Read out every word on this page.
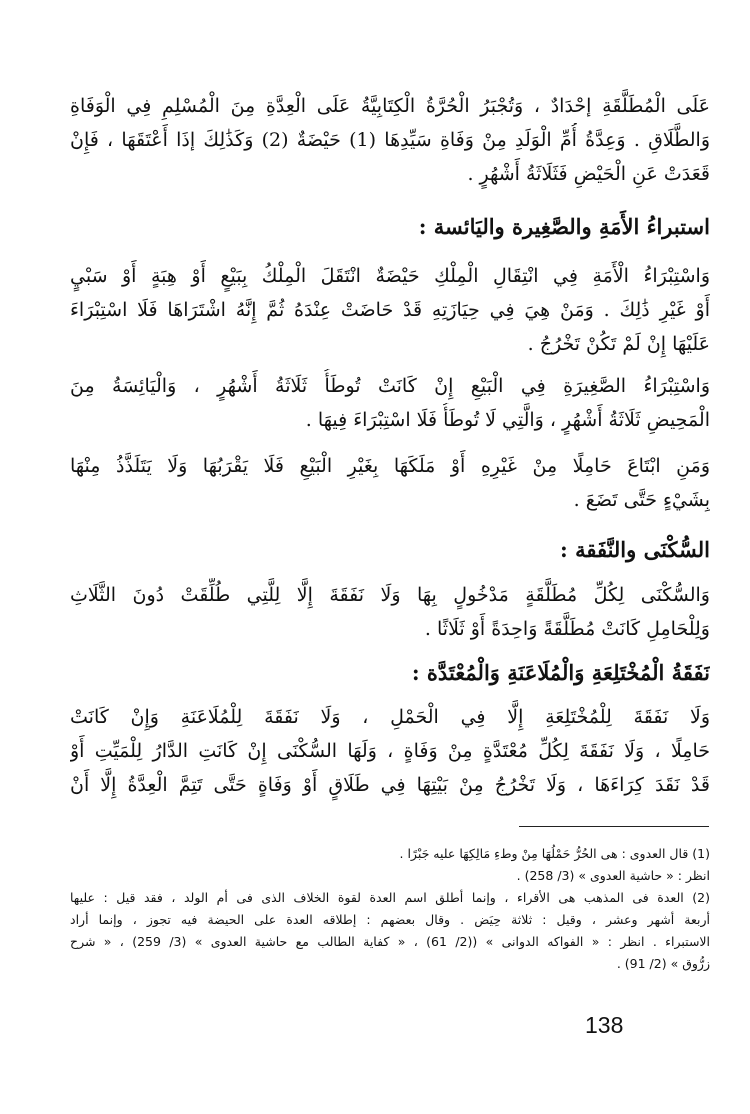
عَلَى الْمُطَلَّقَةِ إحْدَادٌ ، وَتُجْبَرُ الْحُرَّةُ الْكِتَابِيَّةُ عَلَى الْعِدَّةِ مِنَ الْمُسْلِمِ فِي الْوَفَاةِ
وَالطَّلَاقِ . وَعِدَّةُ أُمِّ الْوَلَدِ مِنْ وَفَاةِ سَيِّدِهَا (1) حَيْضَةٌ (2) وَكَذَٰلِكَ إذَا أَعْتَقَهَا ، فَإِنْ
قَعَدَتْ عَنِ الْحَيْضِ فَثَلَاثَةُ أَشْهُرٍ .
استبراءُ الأَمَةِ والصَّغِيرة واليَائسة :
وَاسْتِبْرَاءُ الْأَمَةِ فِي انْتِقَالِ الْمِلْكِ حَيْضَةٌ انْتَقَلَ الْمِلْكُ بِبَيْعٍ أَوْ هِبَةٍ أَوْ سَبْيٍ
أَوْ غَيْرِ ذَٰلِكَ . وَمَنْ هِيَ فِي حِيَازَتِهِ قَدْ حَاضَتْ عِنْدَهُ ثُمَّ إِنَّهُ اشْتَرَاهَا فَلَا اسْتِبْرَاءَ
عَلَيْهَا إِنْ لَمْ تَكُنْ تَخْرُجُ .
وَاسْتِبْرَاءُ الصَّغِيرَةِ فِي الْبَيْعِ إِنْ كَانَتْ تُوطَأُ ثَلَاثَةُ أَشْهُرٍ ، وَالْيَائِسَةُ مِنَ
الْمَحِيضِ ثَلَاثَةُ أَشْهُرٍ ، وَالَّتِي لَا تُوطَأُ فَلَا اسْتِبْرَاءَ فِيهَا .
وَمَنِ ابْتَاعَ حَامِلًا مِنْ غَيْرِهِ أَوْ مَلَكَهَا بِغَيْرِ الْبَيْعِ فَلَا يَقْرَبُهَا وَلَا يَتَلَذَّذُ مِنْهَا
بِشَيْءٍ حَتَّى تَضَعَ .
السُّكْنَى والنَّفَقة :
وَالسُّكْنَى لِكُلِّ مُطَلَّقَةٍ مَدْخُولٍ بِهَا وَلَا نَفَقَةَ إِلَّا لِلَّتِي طُلِّقَتْ دُونَ الثَّلَاثِ
وَلِلْحَامِلِ كَانَتْ مُطَلَّقَةً وَاحِدَةً أَوْ ثَلَاثًا .
نَفَقَةُ الْمُخْتَلِعَةِ وَالْمُلَاعَنَةِ وَالْمُعْتَدَّة :
وَلَا نَفَقَةَ لِلْمُخْتَلِعَةِ إِلَّا فِي الْحَمْلِ ، وَلَا نَفَقَةَ لِلْمُلَاعَنَةِ وَإِنْ كَانَتْ
حَامِلًا ، وَلَا نَفَقَةَ لِكُلِّ مُعْتَدَّةٍ مِنْ وَفَاةٍ ، وَلَهَا السُّكْنَى إِنْ كَانَتِ الدَّارُ لِلْمَيِّتِ أَوْ
قَدْ نَقَدَ كِرَاءَهَا ، وَلَا تَخْرُجُ مِنْ بَيْتِهَا فِي طَلَاقٍ أَوْ وَفَاةٍ حَتَّى تَتِمَّ الْعِدَّةُ إِلَّا أَنْ
(1) قال العدوى : هى الحُرُّ حَمْلُهَا مِنْ وطءِ مَالِكِهَا عليه جَبْرًا .
انظر : « حاشية العدوى » (3/ 258) .
(2) العدة فى المذهب هى الأقراء ، وإنما أطلق اسم العدة لقوة الخلاف الذى فى أم الولد ، فقد قيل : عليها
أربعة أشهر وعشر ، وقيل : ثلاثة حِيَض . وقال بعضهم : إطلاقه العدة على الحيضة فيه تجوز ، وإنما أراد
الاستبراء . انظر : « الفواكه الدوانى » ((2/ 61) ، « كفاية الطالب مع حاشية العدوى » (3/ 259) ، « شرح
زرُّوق » (2/ 91) .
138
